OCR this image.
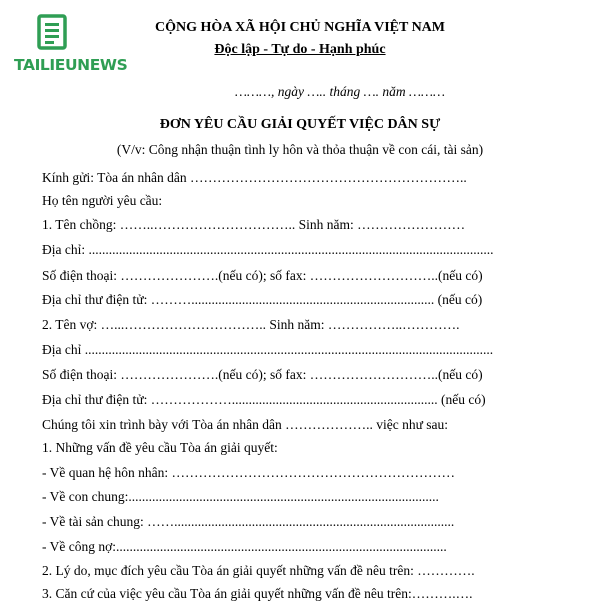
TAILIEUNEWS
CỘNG HÒA XÃ HỘI CHỦ NGHĨA VIỆT NAM
Độc lập - Tự do - Hạnh phúc
………, ngày ….. tháng …. năm ………
ĐƠN YÊU CẦU GIẢI QUYẾT VIỆC DÂN SỰ
(V/v: Công nhận thuận tình ly hôn và thỏa thuận về con cái, tài sản)
Kính gửi: Tòa án nhân dân ……………………………………………………..
Họ tên người yêu cầu:
1. Tên chồng: ……..………………………….. Sinh năm: ……………………
Địa chỉ: ........................................................................................................................
Số điện thoại: ………………….(nếu có); số fax: ………………………..(nếu có)
Địa chỉ thư điện tử: ………........................................................................ (nếu có)
2. Tên vợ: …...………………………….. Sinh năm: ……………..………….
Địa chỉ .........................................................................................................................
Số điện thoại: ………………….(nếu có); số fax: ………………………..(nếu có)
Địa chỉ thư điện tử: ………………............................................................. (nếu có)
Chúng tôi xin trình bày với Tòa án nhân dân ……………….. việc như sau:
1. Những vấn đề yêu cầu Tòa án giải quyết:
- Về quan hệ hôn nhân: ………………………………………………………
- Về con chung:............................................................................................
- Về tài sản chung: ……...................................................................................
- Về công nợ:..................................................................................................
2. Lý do, mục đích yêu cầu Tòa án giải quyết những vấn đề nêu trên: ………….
3. Căn cứ của việc yêu cầu Tòa án giải quyết những vấn đề nêu trên:……….….
